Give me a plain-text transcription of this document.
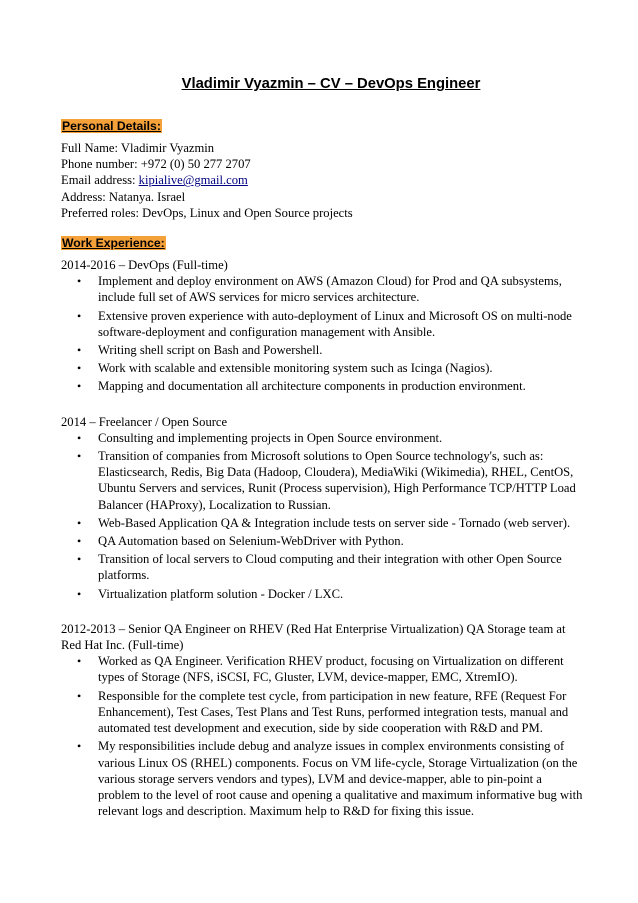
Vladimir Vyazmin – CV – DevOps Engineer
Personal Details:
Full Name: Vladimir Vyazmin
Phone number: +972 (0) 50 277 2707
Email address: kipialive@gmail.com
Address: Natanya. Israel
Preferred roles: DevOps, Linux and Open Source projects
Work Experience:
2014-2016 – DevOps (Full-time)
• Implement and deploy environment on AWS (Amazon Cloud) for Prod and QA subsystems, include full set of AWS services for micro services architecture.
• Extensive proven experience with auto-deployment of Linux and Microsoft OS on multi-node software-deployment and configuration management with Ansible.
• Writing shell script on Bash and Powershell.
• Work with scalable and extensible monitoring system such as Icinga (Nagios).
• Mapping and documentation all architecture components in production environment.
2014 – Freelancer / Open Source
• Consulting and implementing projects in Open Source environment.
• Transition of companies from Microsoft solutions to Open Source technology's, such as: Elasticsearch, Redis, Big Data (Hadoop, Cloudera), MediaWiki (Wikimedia), RHEL, CentOS, Ubuntu Servers and services, Runit (Process supervision), High Performance TCP/HTTP Load Balancer (HAProxy), Localization to Russian.
• Web-Based Application QA & Integration include tests on server side - Tornado (web server).
• QA Automation based on Selenium-WebDriver with Python.
• Transition of local servers to Cloud computing and their integration with other Open Source platforms.
• Virtualization platform solution - Docker / LXC.
2012-2013 – Senior QA Engineer on RHEV (Red Hat Enterprise Virtualization) QA Storage team at Red Hat Inc. (Full-time)
• Worked as QA Engineer. Verification RHEV product, focusing on Virtualization on different types of Storage (NFS, iSCSI, FC, Gluster, LVM, device-mapper, EMC, XtremIO).
• Responsible for the complete test cycle, from participation in new feature, RFE (Request For Enhancement), Test Cases, Test Plans and Test Runs, performed integration tests, manual and automated test development and execution, side by side cooperation with R&D and PM.
• My responsibilities include debug and analyze issues in complex environments consisting of various Linux OS (RHEL) components. Focus on VM life-cycle, Storage Virtualization (on the various storage servers vendors and types), LVM and device-mapper, able to pin-point a problem to the level of root cause and opening a qualitative and maximum informative bug with relevant logs and description. Maximum help to R&D for fixing this issue.
